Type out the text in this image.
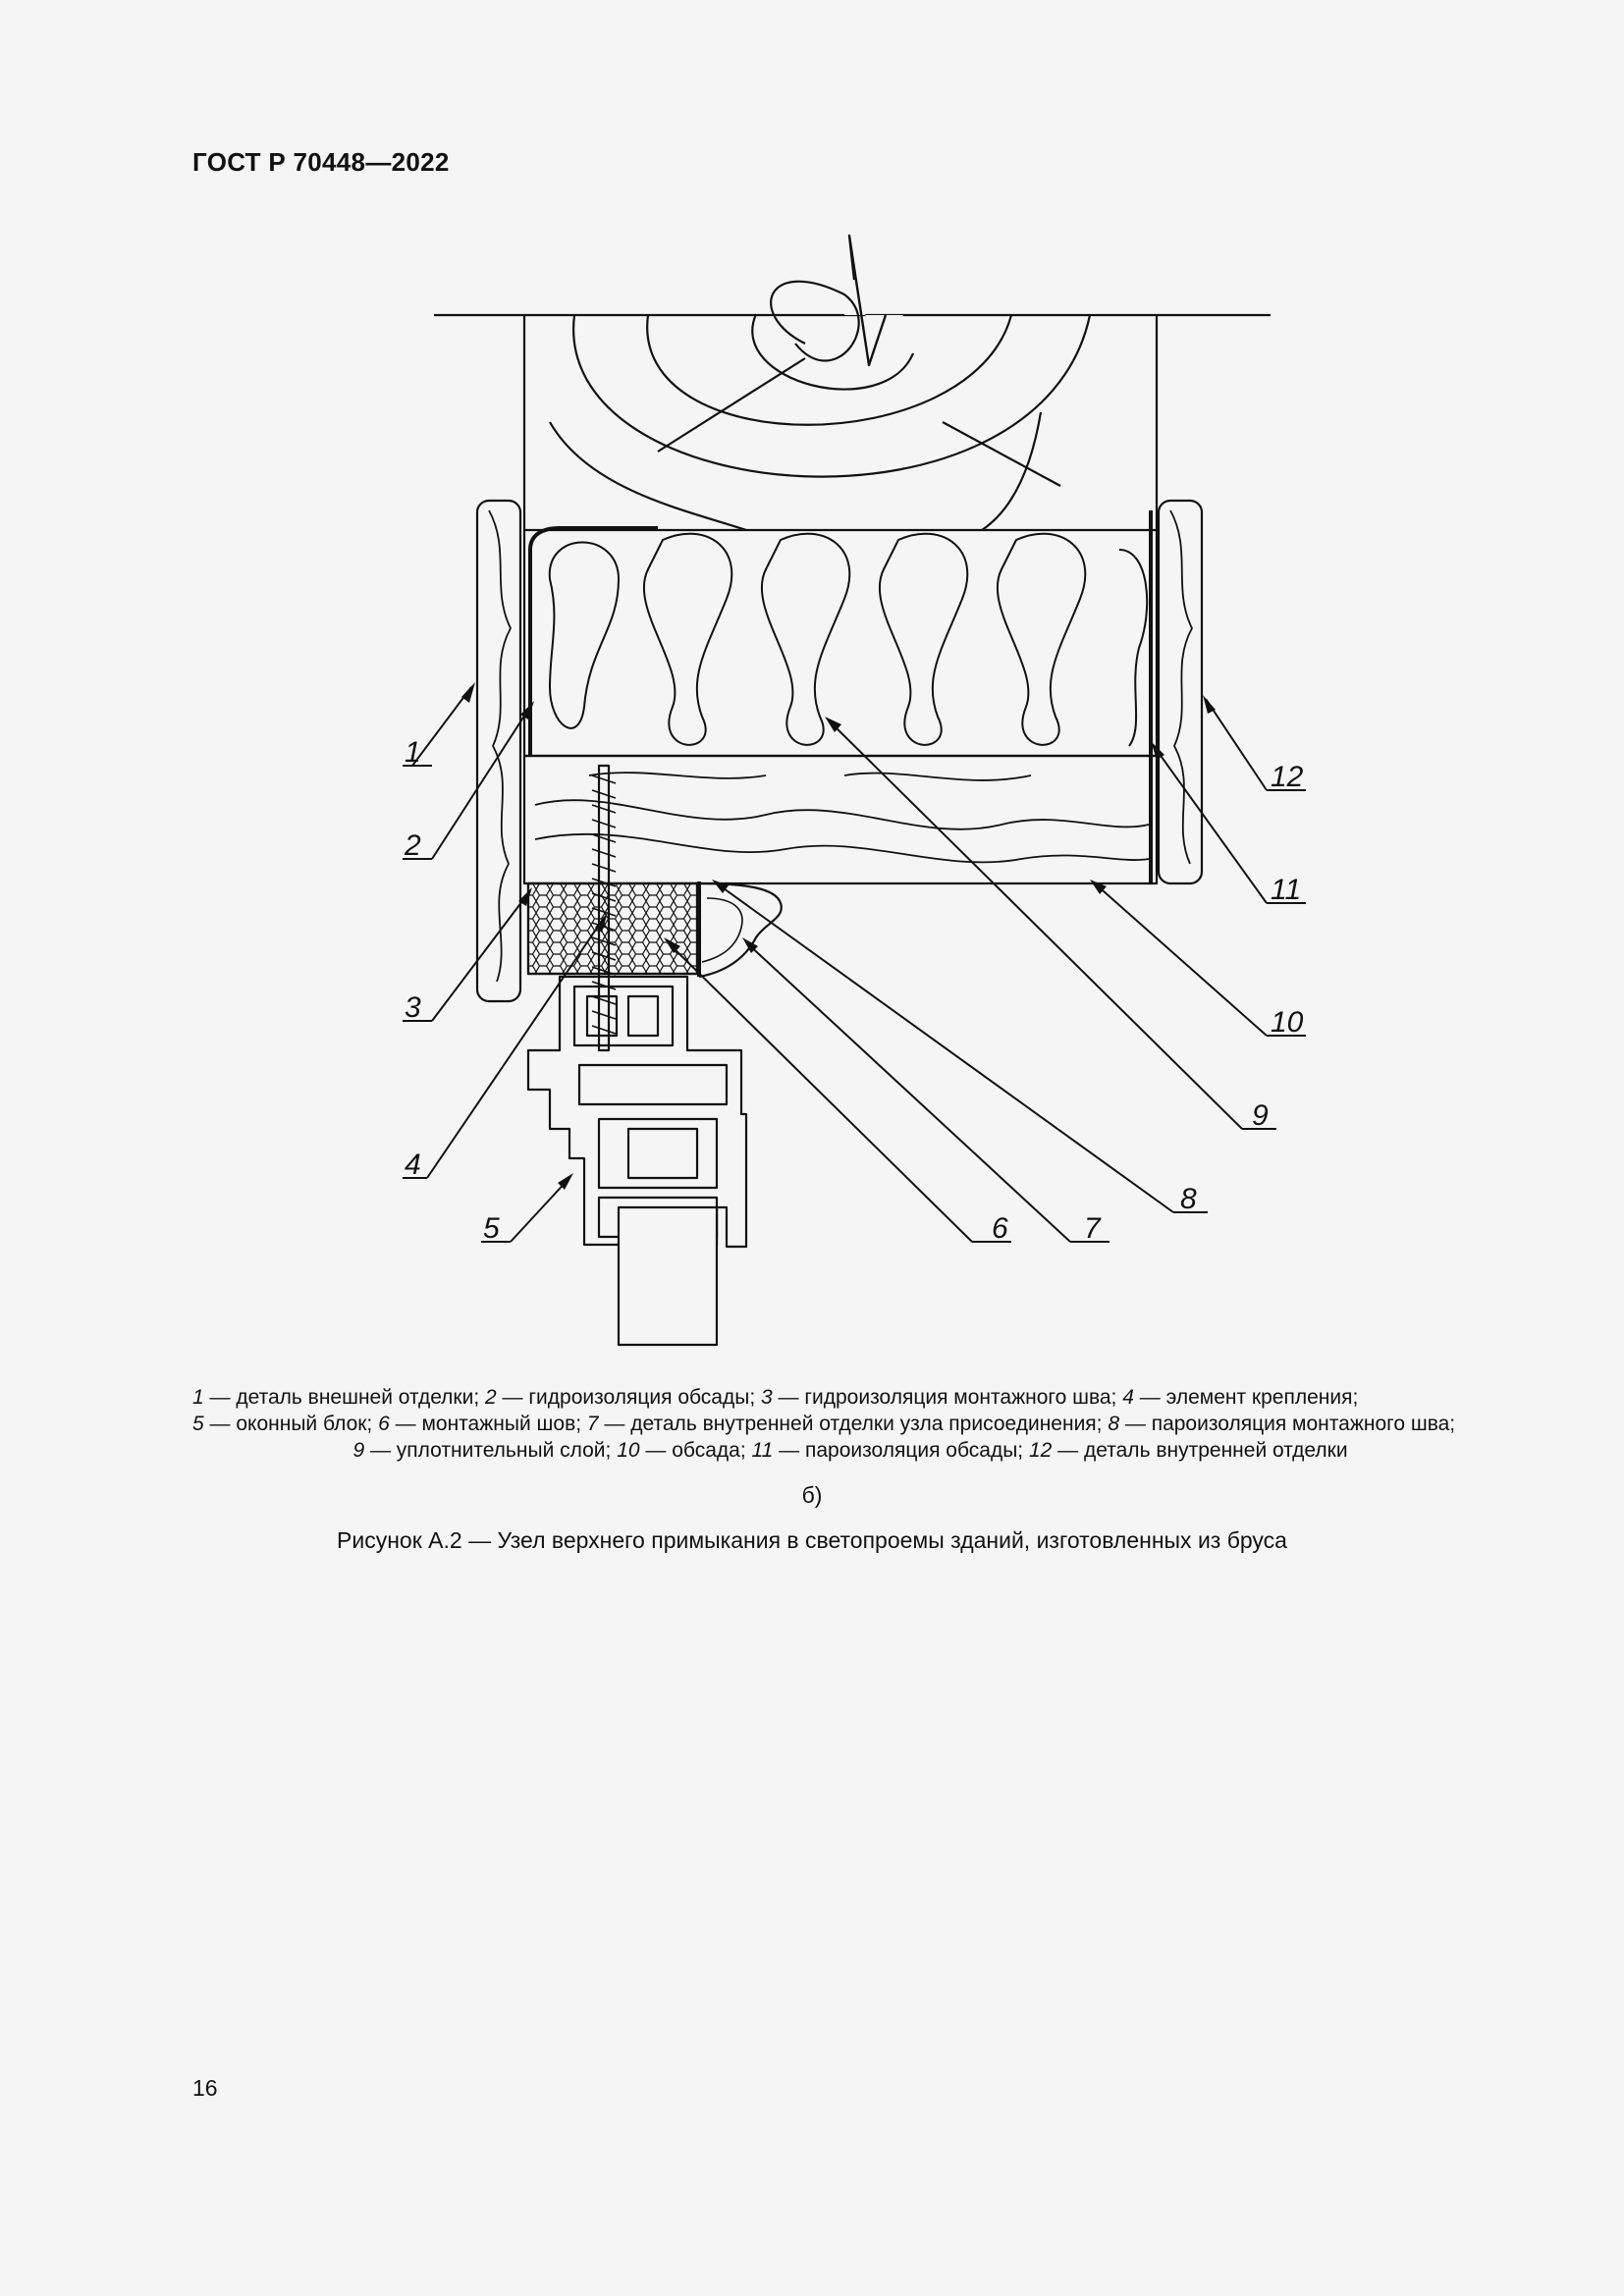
ГОСТ Р 70448—2022
1
2
3
4
5	6	7
8
9
10
11
12
1 — деталь внешней отделки; 2 — гидроизоляция обсады; 3 — гидроизоляция монтажного шва; 4 — элемент крепления;
5 — оконный блок; 6 — монтажный шов; 7 — деталь внутренней отделки узла присоединения; 8 — пароизоляция монтажного шва;
9 — уплотнительный слой; 10 — обсада; 11 — пароизоляция обсады; 12 — деталь внутренней отделки
б)
Рисунок А.2 — Узел верхнего примыкания в светопроемы зданий, изготовленных из бруса
16
